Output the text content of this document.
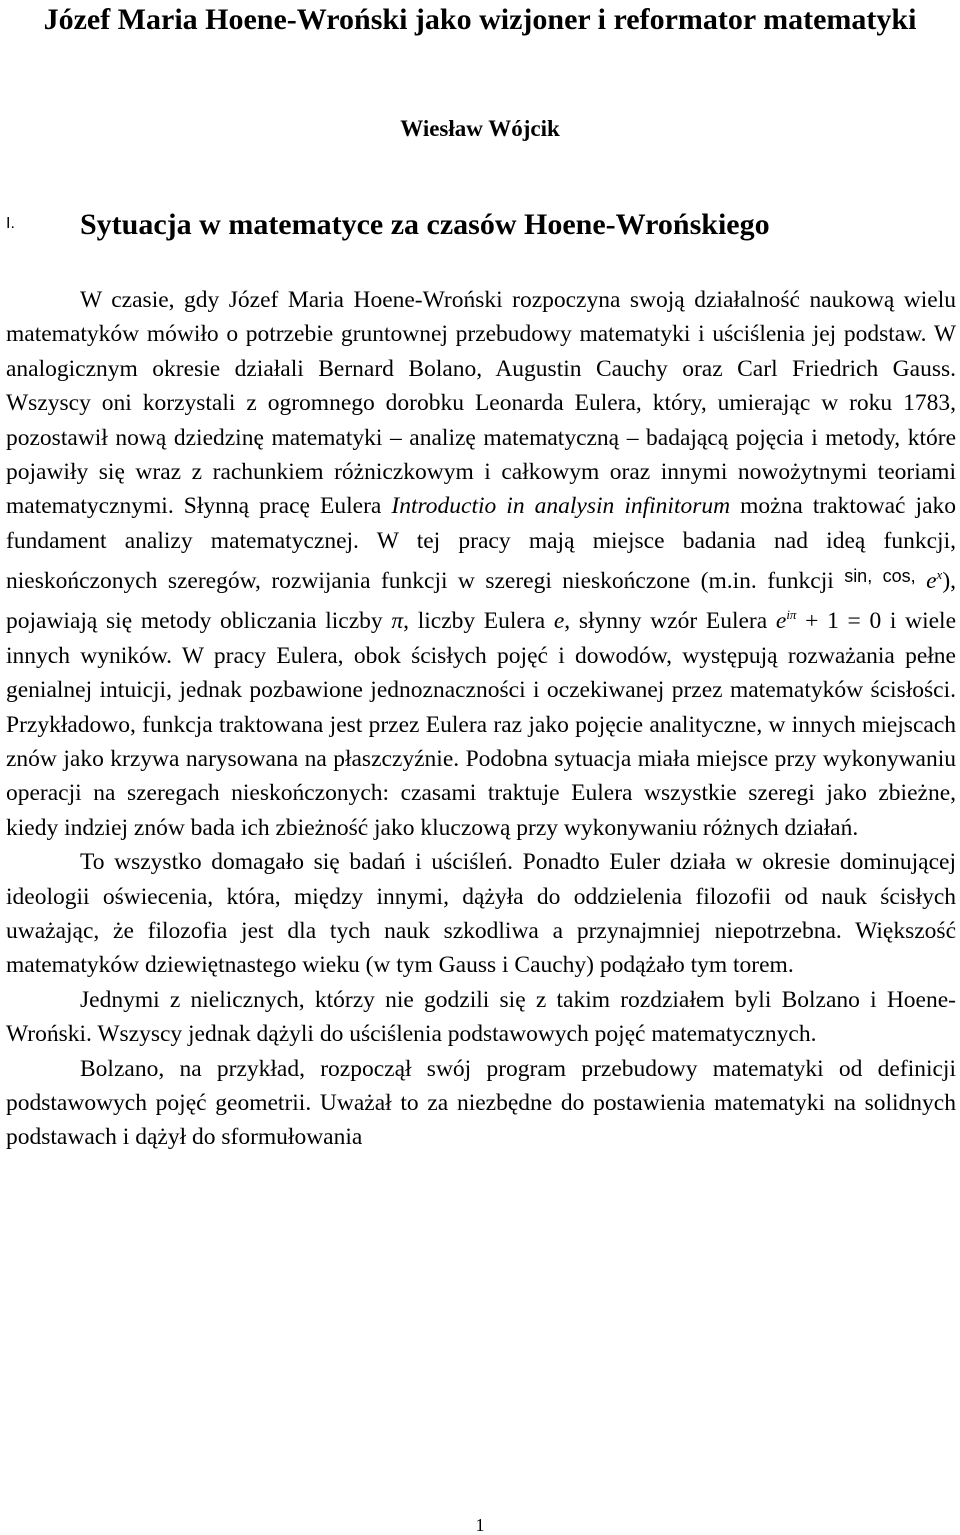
Józef Maria Hoene-Wroński jako wizjoner i reformator matematyki
Wiesław Wójcik
I. Sytuacja w matematyce za czasów Hoene-Wrońskiego

W czasie, gdy Józef Maria Hoene-Wroński rozpoczyna swoją działalność naukową wielu matematyków mówiło o potrzebie gruntownej przebudowy matematyki i uściślenia jej podstaw. W analogicznym okresie działali Bernard Bolano, Augustin Cauchy oraz Carl Friedrich Gauss. Wszyscy oni korzystali z ogromnego dorobku Leonarda Eulera, który, umierając w roku 1783, pozostawił nową dziedzinę matematyki – analizę matematyczną – badającą pojęcia i metody, które pojawiły się wraz z rachunkiem różniczkowym i całkowym oraz innymi nowożytnymi teoriami matematycznymi. Słynną pracę Eulera Introductio in analysin infinitorum można traktować jako fundament analizy matematycznej. W tej pracy mają miejsce badania nad ideą funkcji, nieskończonych szeregów, rozwijania funkcji w szeregi nieskończone (m.in. funkcji $^{sin,}$ $^{cos,}$ $e^x$), pojawiają się metody obliczania liczby π, liczby Eulera e, słynny wzór Eulera $e^{i\pi} + 1 = 0$ i wiele innych wyników. W pracy Eulera, obok ścisłych pojęć i dowodów, występują rozważania pełne genialnej intuicji, jednak pozbawione jednoznaczności i oczekiwanej przez matematyków ścisłości. Przykładowo, funkcja traktowana jest przez Eulera raz jako pojęcie analityczne, w innych miejscach znów jako krzywa narysowana na płaszczyźnie. Podobna sytuacja miała miejsce przy wykonywaniu operacji na szeregach nieskończonych: czasami traktuje Eulera wszystkie szeregi jako zbieżne, kiedy indziej znów bada ich zbieżność jako kluczową przy wykonywaniu różnych działań.

To wszystko domagało się badań i uściśleń. Ponadto Euler działa w okresie dominującej ideologii oświecenia, która, między innymi, dążyła do oddzielenia filozofii od nauk ścisłych uważając, że filozofia jest dla tych nauk szkodliwa a przynajmniej niepotrzebna. Większość matematyków dziewiętnastego wieku (w tym Gauss i Cauchy) podążało tym torem.

Jednymi z nielicznych, którzy nie godzili się z takim rozdziałem byli Bolzano i Hoene-Wroński. Wszyscy jednak dążyli do uściślenia podstawowych pojęć matematycznych.

Bolzano, na przykład, rozpoczął swój program przebudowy matematyki od definicji podstawowych pojęć geometrii. Uważał to za niezbędne do postawienia matematyki na solidnych podstawach i dążył do sformułowania

1
